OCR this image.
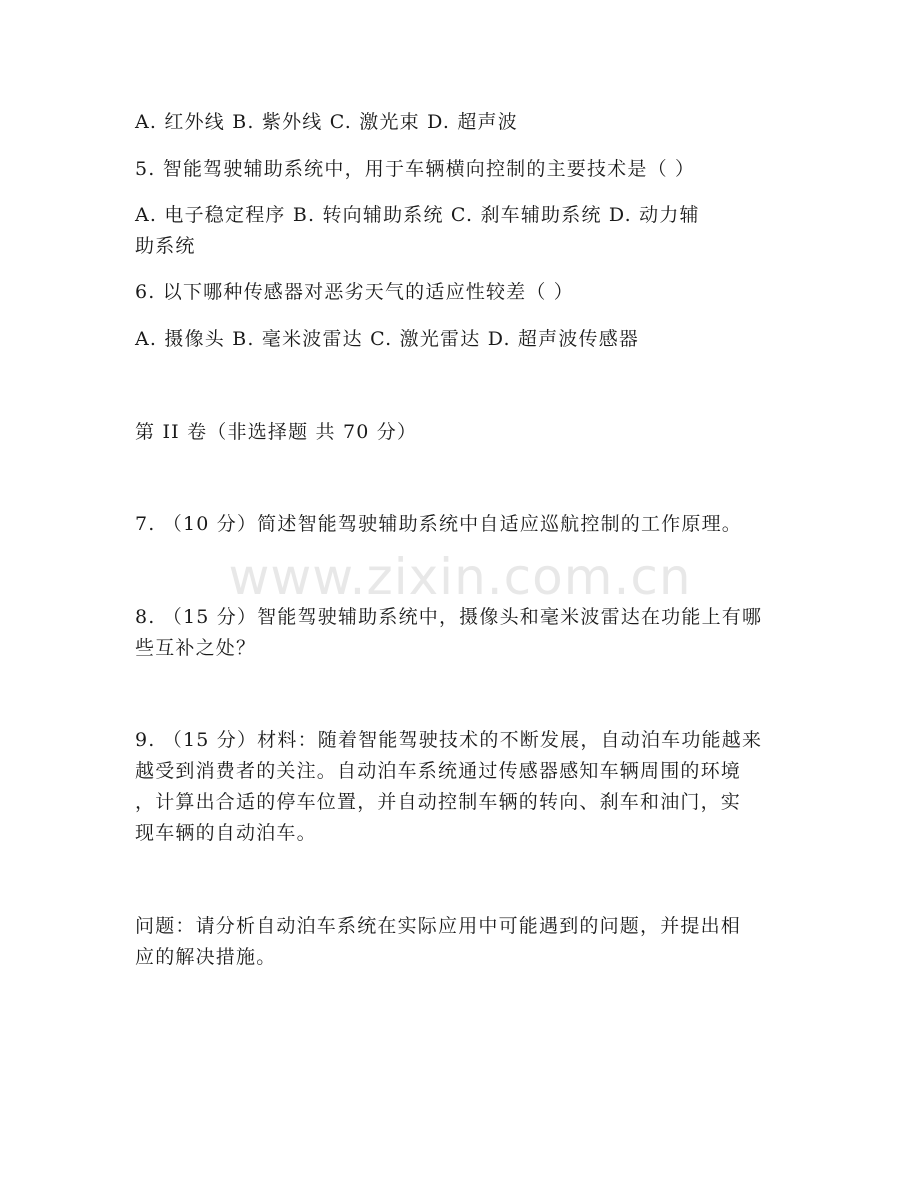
A. 红外线 B. 紫外线 C. 激光束 D. 超声波
5. 智能驾驶辅助系统中，用于车辆横向控制的主要技术是（ ）
A. 电子稳定程序 B. 转向辅助系统 C. 刹车辅助系统 D. 动力辅
助系统
6. 以下哪种传感器对恶劣天气的适应性较差（ ）
A. 摄像头 B. 毫米波雷达 C. 激光雷达 D. 超声波传感器
第 II 卷（非选择题 共 70 分）
7. （10 分）简述智能驾驶辅助系统中自适应巡航控制的工作原理。
8. （15 分）智能驾驶辅助系统中，摄像头和毫米波雷达在功能上有哪
些互补之处？
9. （15 分）材料：随着智能驾驶技术的不断发展，自动泊车功能越来
越受到消费者的关注。自动泊车系统通过传感器感知车辆周围的环境
，计算出合适的停车位置，并自动控制车辆的转向、刹车和油门，实
现车辆的自动泊车。
问题：请分析自动泊车系统在实际应用中可能遇到的问题，并提出相
应的解决措施。
www.zixin.com.cn
